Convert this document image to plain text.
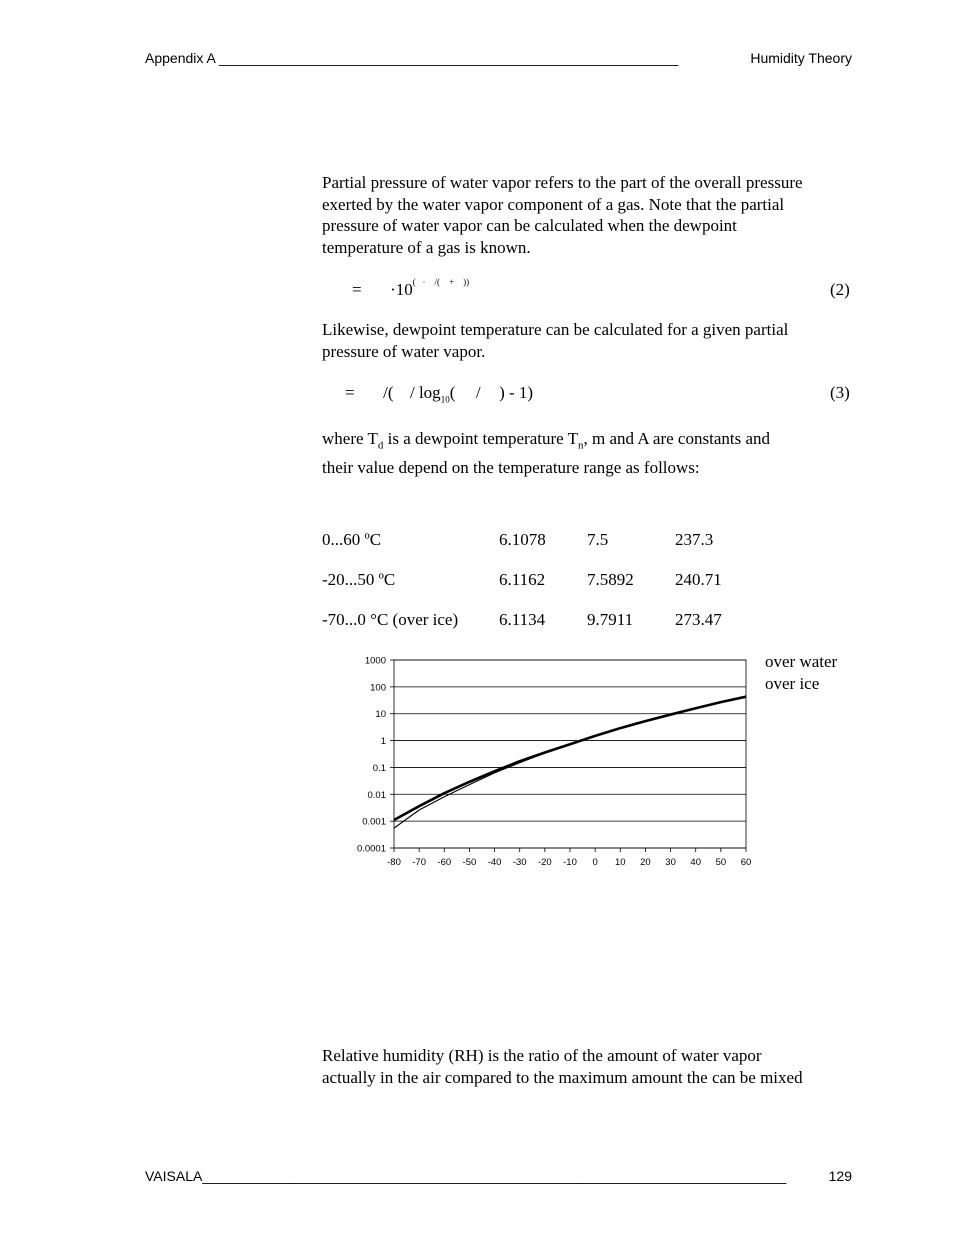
Appendix A ___________________________________________________________	Humidity Theory
Partial pressure of water vapor refers to the part of the overall pressure
exerted by the water vapor component of a gas. Note that the partial
pressure of water vapor can be calculated when the dewpoint
temperature of a gas is known.
= ·10(   ·    /(    +    ))	(2)
Likewise, dewpoint temperature can be calculated for a given partial
pressure of water vapor.
= /( / $\log_{10}$( / ) - 1)	(3)
where $T_d$ is a dewpoint temperature $T_n$, m and A are constants and
their value depend on the temperature range as follows:
0...60 ºC	6.1078 7.5	237.3
-20...50 ºC	6.1162 7.5892 240.71
-70...0 °C (over ice) 6.1134 9.7911 273.47
1000
100
10
1
0.1
0.01
0.001
0.0001
-80 -70 -60 -50 -40 -30 -20 -10 0 10 20 30 40 50 60
over water
over ice
Relative humidity (RH) is the ratio of the amount of water vapor
actually in the air compared to the maximum amount the can be mixed
VAISALA___________________________________________________________________________	129
